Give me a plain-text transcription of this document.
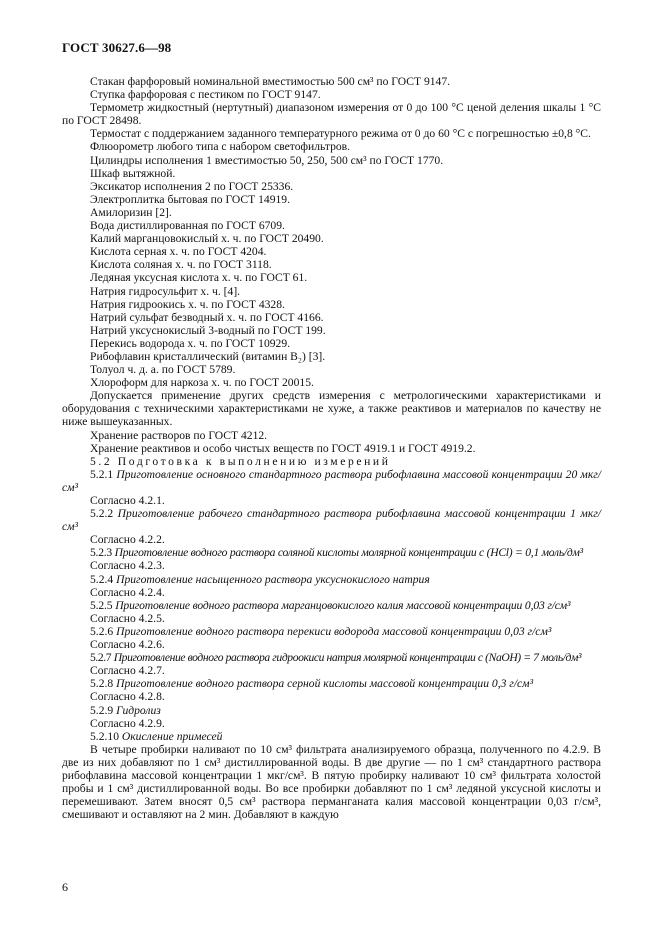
ГОСТ 30627.6—98

Стакан фарфоровый номинальной вместимостью 500 см³ по ГОСТ 9147.

Ступка фарфоровая с пестиком по ГОСТ 9147.

Термометр жидкостный (нертутный) диапазоном измерения от 0 до 100 °С ценой деления шкалы 1 °С по ГОСТ 28498.

Термостат с поддержанием заданного температурного режима от 0 до 60 °С с погрешностью ±0,8 °С.

Флюорометр любого типа с набором светофильтров.

Цилиндры исполнения 1 вместимостью 50, 250, 500 см³ по ГОСТ 1770.

Шкаф вытяжной.

Эксикатор исполнения 2 по ГОСТ 25336.

Электроплитка бытовая по ГОСТ 14919.

Амилоризин [2].

Вода дистиллированная по ГОСТ 6709.

Калий марганцовокислый х. ч. по ГОСТ 20490.

Кислота серная х. ч. по ГОСТ 4204.

Кислота соляная х. ч. по ГОСТ 3118.

Ледяная уксусная кислота х. ч. по ГОСТ 61.

Натрия гидросульфит х. ч. [4].

Натрия гидроокись х. ч. по ГОСТ 4328.

Натрий сульфат безводный х. ч. по ГОСТ 4166.

Натрий уксуснокислый 3-водный по ГОСТ 199.

Перекись водорода х. ч. по ГОСТ 10929.

Рибофлавин кристаллический (витамин B₂) [3].

Толуол ч. д. а. по ГОСТ 5789.

Хлороформ для наркоза х. ч. по ГОСТ 20015.

Допускается применение других средств измерения с метрологическими характеристиками и оборудования с техническими характеристиками не хуже, а также реактивов и материалов по качеству не ниже вышеуказанных.

Хранение растворов по ГОСТ 4212.

Хранение реактивов и особо чистых веществ по ГОСТ 4919.1 и ГОСТ 4919.2.

5.2 Подготовка к выполнению измерений

5.2.1 Приготовление основного стандартного раствора рибофлавина массовой концентрации 20 мкг/см³

Согласно 4.2.1.

5.2.2 Приготовление рабочего стандартного раствора рибофлавина массовой концентрации 1 мкг/см³

Согласно 4.2.2.

5.2.3 Приготовление водного раствора соляной кислоты молярной концентрации с (HCl) = 0,1 моль/дм³

Согласно 4.2.3.

5.2.4 Приготовление насыщенного раствора уксуснокислого натрия

Согласно 4.2.4.

5.2.5 Приготовление водного раствора марганцовокислого калия массовой концентрации 0,03 г/см³

Согласно 4.2.5.

5.2.6 Приготовление водного раствора перекиси водорода массовой концентрации 0,03 г/см³

Согласно 4.2.6.

5.2.7 Приготовление водного раствора гидроокиси натрия молярной концентрации с (NaOH) = 7 моль/дм³

Согласно 4.2.7.

5.2.8 Приготовление водного раствора серной кислоты массовой концентрации 0,3 г/см³

Согласно 4.2.8.

5.2.9 Гидролиз

Согласно 4.2.9.

5.2.10 Окисление примесей

В четыре пробирки наливают по 10 см³ фильтрата анализируемого образца, полученного по 4.2.9. В две из них добавляют по 1 см³ дистиллированной воды. В две другие — по 1 см³ стандартного раствора рибофлавина массовой концентрации 1 мкг/см³. В пятую пробирку наливают 10 см³ фильтрата холостой пробы и 1 см³ дистиллированной воды. Во все пробирки добавляют по 1 см³ ледяной уксусной кислоты и перемешивают. Затем вносят 0,5 см³ раствора перманганата калия массовой концентрации 0,03 г/см³, смешивают и оставляют на 2 мин. Добавляют в каждую

6
